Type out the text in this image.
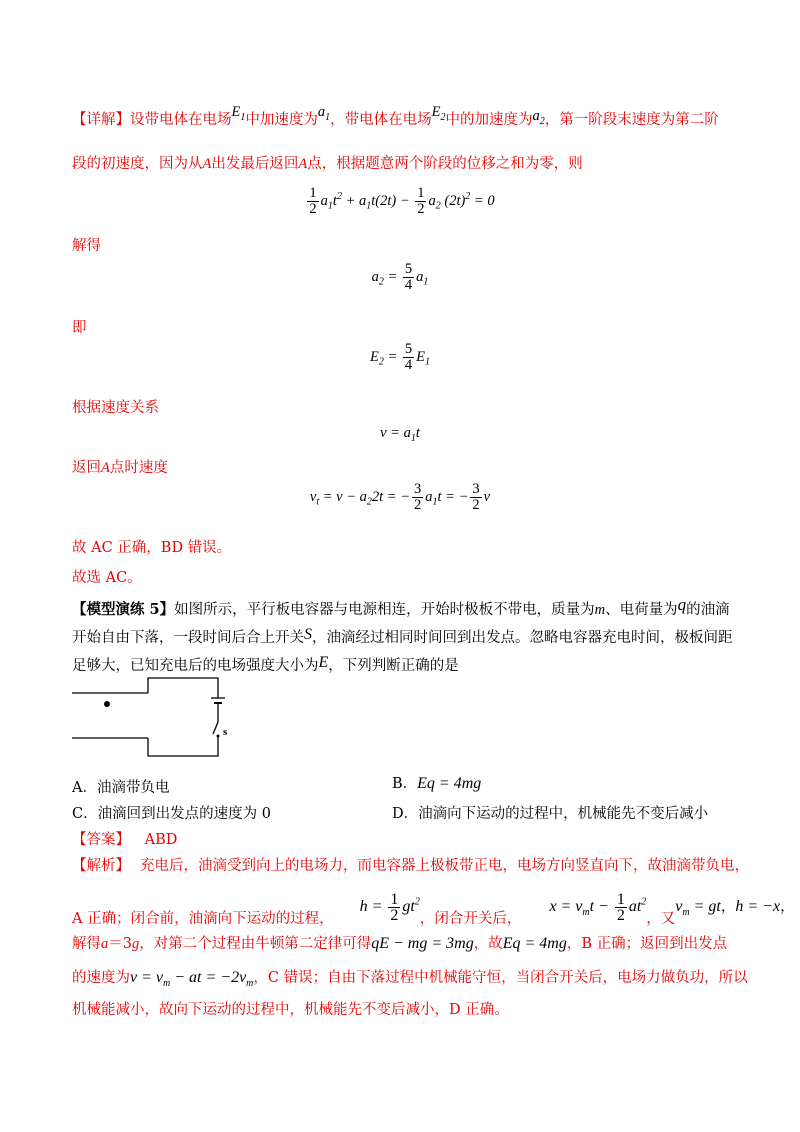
【详解】设带电体在电场$E_1$中加速度为$a_1$，带电体在电场$E_2$中的加速度为$a_2$，第一阶段末速度为第二阶
段的初速度，因为从A出发最后返回A点，根据题意两个阶段的位移之和为零，则
$\frac{1}{2} a_1t^2 + a_1t(2t) - \frac{1}{2} a_2$ $(2t)^2 = 0$
解得
$a_2 = \frac{5}{4} a_1$
即
$E_2 = \frac{5}{4} E_1$
根据速度关系
$v = a_1t$
返回A点时速度
$v_t = v - a_22t$ = − $\frac{3}{2} a_1t$ = − $\frac{3}{2}$ v
故 AC 正确，BD 错误。
故选 AC。
【模型演练 5】如图所示，平行板电容器与电源相连，开始时极板不带电，质量为m、电荷量为q的油滴
开始自由下落，一段时间后合上开关S，油滴经过相同时间回到出发点。忽略电容器充电时间，极板间距
足够大，已知充电后的电场强度大小为E，下列判断正确的是
s
A．油滴带负电	B．Eq = 4mg
C．油滴回到出发点的速度为 0	D．油滴向下运动的过程中，机械能先不变后减小
【答案】 ABD
【解析】 充电后，油滴受到向上的电场力，而电容器上极板带正电，电场方向竖直向下，故油滴带负电，
A 正确；闭合前，油滴向下运动的过程，$h = \frac{1}{2} gt^2$，闭合开关后，$x = v_mt - \frac{1}{2} at^2$，又$v_m$ = gt，h = −x，
解得a＝3g，对第二个过程由牛顿第二定律可得qE − mg = 3mg，故Eq = 4mg，B 正确；返回到出发点
的速度为$v = v_m$ − at = $-2v_m$，C 错误；自由下落过程中机械能守恒，当闭合开关后，电场力做负功，所以
机械能减小，故向下运动的过程中，机械能先不变后减小，D 正确。
